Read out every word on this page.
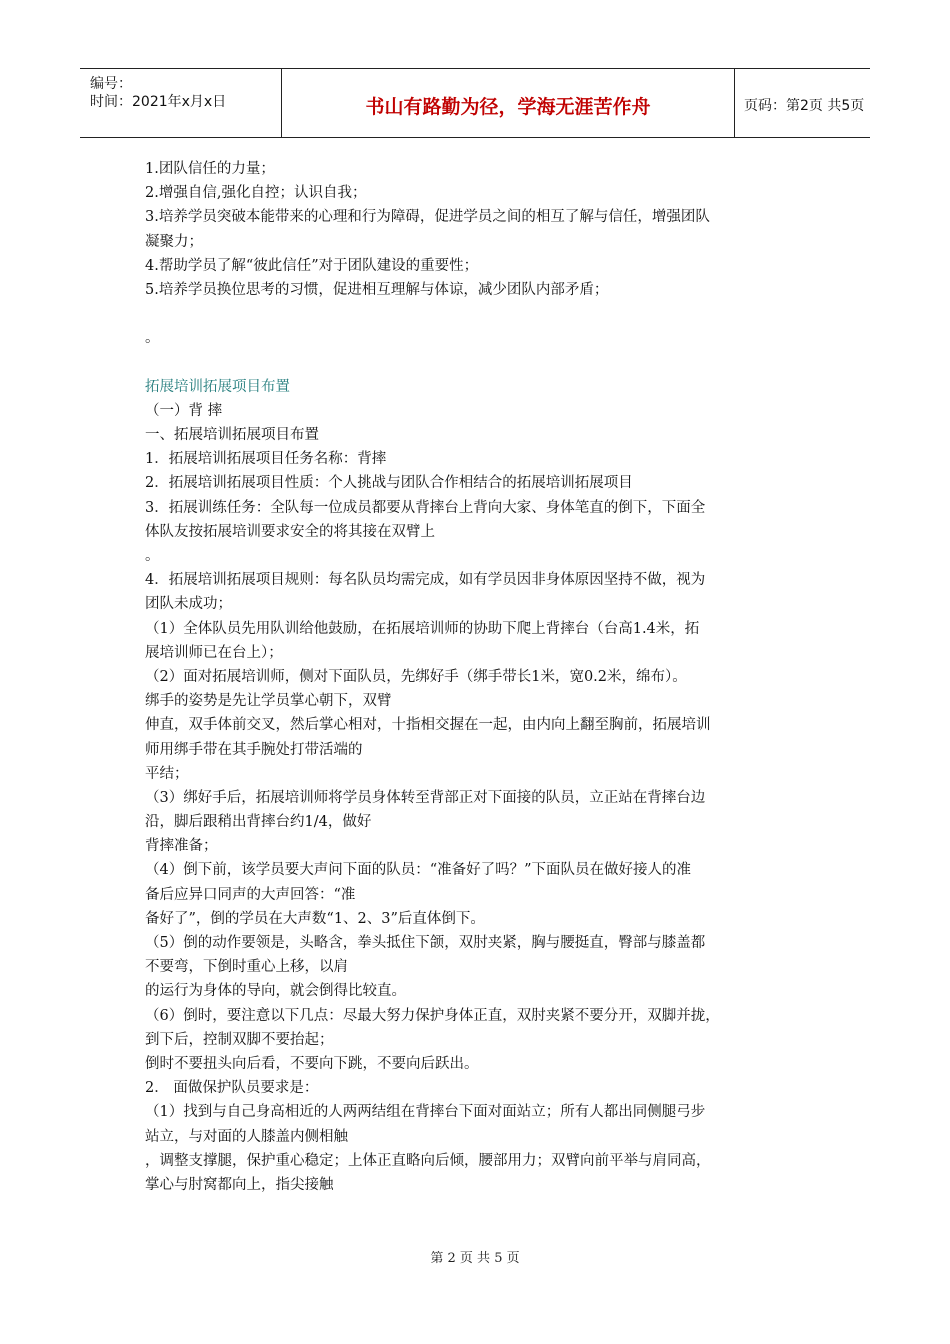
编号：
时间：2021年x月x日	书山有路勤为径，学海无涯苦作舟	页码：第2页 共5页
1.团队信任的力量；
2.增强自信,强化自控；认识自我；
3.培养学员突破本能带来的心理和行为障碍，促进学员之间的相互了解与信任，增强团队
凝聚力；
4.帮助学员了解“彼此信任”对于团队建设的重要性；
5.培养学员换位思考的习惯，促进相互理解与体谅，减少团队内部矛盾；
。
拓展培训拓展项目布置
（一）背 摔
一、拓展培训拓展项目布置
1．拓展培训拓展项目任务名称：背摔
2．拓展培训拓展项目性质：个人挑战与团队合作相结合的拓展培训拓展项目
3．拓展训练任务：全队每一位成员都要从背摔台上背向大家、身体笔直的倒下，下面全
体队友按拓展培训要求安全的将其接在双臂上
。
4．拓展培训拓展项目规则：每名队员均需完成，如有学员因非身体原因坚持不做，视为
团队未成功；
（1）全体队员先用队训给他鼓励，在拓展培训师的协助下爬上背摔台（台高1.4米，拓
展培训师已在台上）；
（2）面对拓展培训师，侧对下面队员，先绑好手（绑手带长1米，宽0.2米，绵布）。
绑手的姿势是先让学员掌心朝下，双臂
伸直，双手体前交叉，然后掌心相对，十指相交握在一起，由内向上翻至胸前，拓展培训
师用绑手带在其手腕处打带活端的
平结；
（3）绑好手后，拓展培训师将学员身体转至背部正对下面接的队员，立正站在背摔台边
沿，脚后跟稍出背摔台约1/4，做好
背摔准备；
（4）倒下前，该学员要大声问下面的队员：“准备好了吗？”下面队员在做好接人的准
备后应异口同声的大声回答：“准
备好了”，倒的学员在大声数“1、2、3”后直体倒下。
（5）倒的动作要领是，头略含，拳头抵住下颌，双肘夹紧，胸与腰挺直，臀部与膝盖都
不要弯，下倒时重心上移，以肩
的运行为身体的导向，就会倒得比较直。
（6）倒时，要注意以下几点：尽最大努力保护身体正直，双肘夹紧不要分开，双脚并拢，
到下后，控制双脚不要抬起；
倒时不要扭头向后看，不要向下跳，不要向后跃出。
2． 面做保护队员要求是：
（1）找到与自己身高相近的人两两结组在背摔台下面对面站立；所有人都出同侧腿弓步
站立，与对面的人膝盖内侧相触
，调整支撑腿，保护重心稳定；上体正直略向后倾，腰部用力；双臂向前平举与肩同高，
掌心与肘窝都向上，指尖接触
第 2 页 共 5 页
